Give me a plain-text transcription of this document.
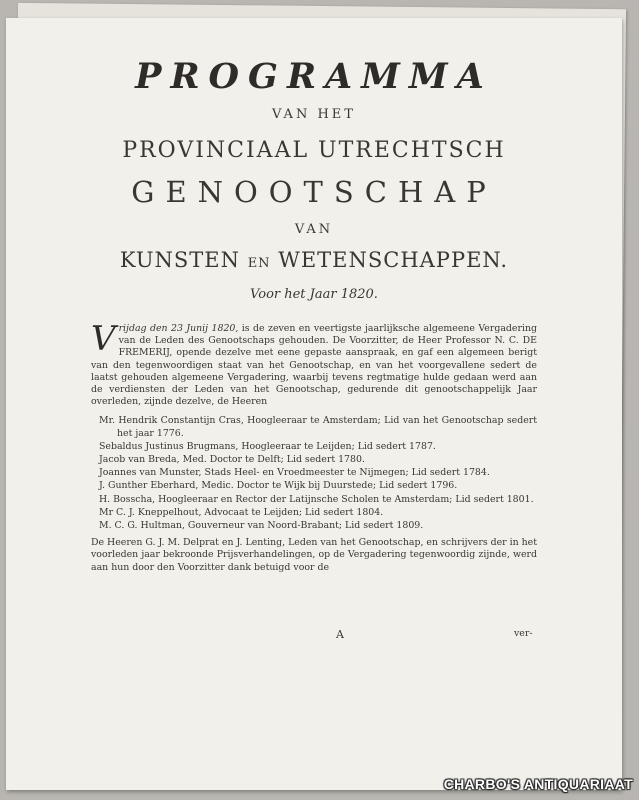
PROGRAMMA
VAN HET
PROVINCIAAL UTRECHTSCH
GENOOTSCHAP
VAN
KUNSTEN EN WETENSCHAPPEN.
Voor het Jaar 1820.
Vrijdag den 23 Junij 1820, is de zeven en veertigste jaarlijksche algemeene Vergadering van de Leden des Genootschaps gehouden. De Voorzitter, de Heer Professor N. C. DE FREMERIJ, opende dezelve met eene gepaste aanspraak, en gaf een algemeen berigt van den tegenwoordigen staat van het Genootschap, en van het voorgevallene sedert de laatst gehouden algemeene Vergadering, waarbij tevens regtmatige hulde gedaan werd aan de verdiensten der Leden van het Genootschap, gedurende dit genootschappelijk Jaar overleden, zijnde dezelve, de Heeren
Mr. Hendrik Constantijn Cras, Hoogleeraar te Amsterdam; Lid van het Genootschap sedert het jaar 1776.
Sebaldus Justinus Brugmans, Hoogleeraar te Leijden; Lid sedert 1787.
Jacob van Breda, Med. Doctor te Delft; Lid sedert 1780.
Joannes van Munster, Stads Heel- en Vroedmeester te Nijmegen; Lid sedert 1784.
J. Gunther Eberhard, Medic. Doctor te Wijk bij Duurstede; Lid sedert 1796.
H. Bosscha, Hoogleeraar en Rector der Latijnsche Scholen te Amsterdam; Lid sedert 1801.
Mr C. J. Kneppelhout, Advocaat te Leijden; Lid sedert 1804.
M. C. G. Hultman, Gouverneur van Noord-Brabant; Lid sedert 1809.
De Heeren G. J. M. Delprat en J. Lenting, Leden van het Genootschap, en schrijvers der in het voorleden jaar bekroonde Prijsverhandelingen, op de Vergadering tegenwoordig zijnde, werd aan hun door den Voorzitter dank betuigd voor de
A	ver-
CHARBO'S ANTIQUARIAAT
